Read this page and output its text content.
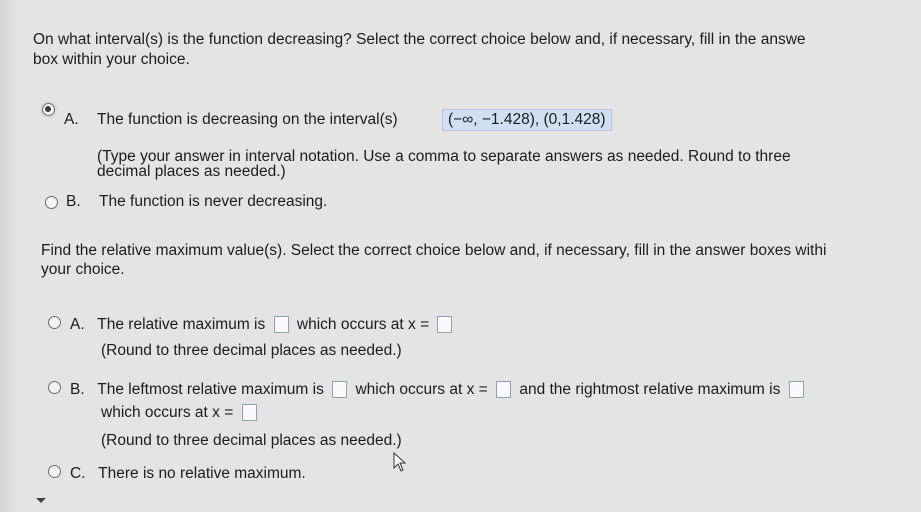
On what interval(s) is the function decreasing? Select the correct choice below and, if necessary, fill in the answe
box within your choice.
A. The function is decreasing on the interval(s)	(−∞, −1.428), (0,1.428)
(Type your answer in interval notation. Use a comma to separate answers as needed. Round to three
decimal places as needed.)
B. The function is never decreasing.
Find the relative maximum value(s). Select the correct choice below and, if necessary, fill in the answer boxes withi
your choice.
A. The relative maximum is which occurs at x =
(Round to three decimal places as needed.)
B. The leftmost relative maximum is which occurs at x = and the rightmost relative maximum is
which occurs at x =
(Round to three decimal places as needed.)
C. There is no relative maximum.
